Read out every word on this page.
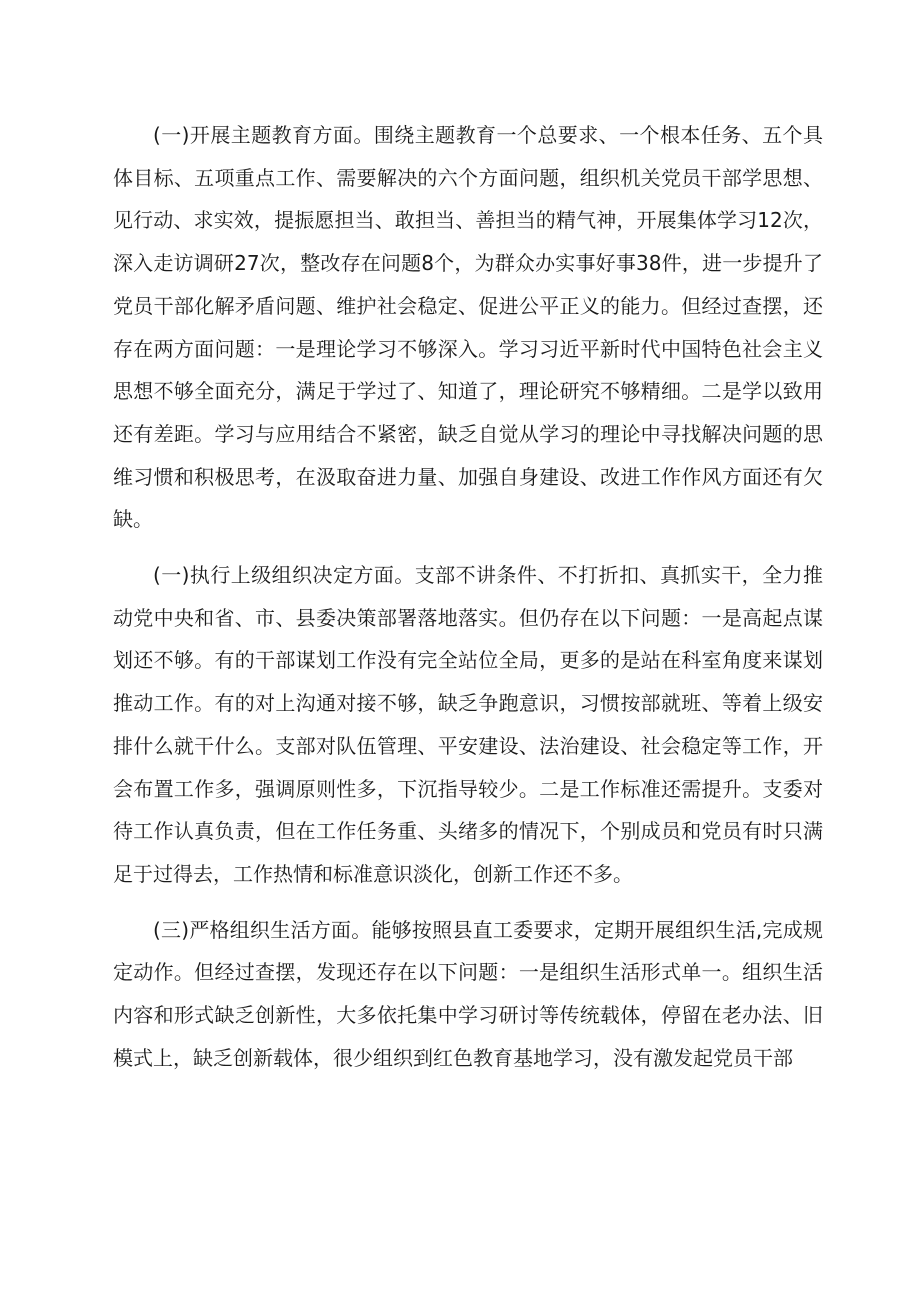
(一)开展主题教育方面。围绕主题教育一个总要求、一个根本任务、五个具体目标、五项重点工作、需要解决的六个方面问题，组织机关党员干部学思想、见行动、求实效，提振愿担当、敢担当、善担当的精气神，开展集体学习12次，深入走访调研27次，整改存在问题8个，为群众办实事好事38件，进一步提升了党员干部化解矛盾问题、维护社会稳定、促进公平正义的能力。但经过查摆，还存在两方面问题：一是理论学习不够深入。学习习近平新时代中国特色社会主义思想不够全面充分，满足于学过了、知道了，理论研究不够精细。二是学以致用还有差距。学习与应用结合不紧密，缺乏自觉从学习的理论中寻找解决问题的思维习惯和积极思考，在汲取奋进力量、加强自身建设、改进工作作风方面还有欠缺。

(一)执行上级组织决定方面。支部不讲条件、不打折扣、真抓实干，全力推动党中央和省、市、县委决策部署落地落实。但仍存在以下问题：一是高起点谋划还不够。有的干部谋划工作没有完全站位全局，更多的是站在科室角度来谋划推动工作。有的对上沟通对接不够，缺乏争跑意识，习惯按部就班、等着上级安排什么就干什么。支部对队伍管理、平安建设、法治建设、社会稳定等工作，开会布置工作多，强调原则性多，下沉指导较少。二是工作标准还需提升。支委对待工作认真负责，但在工作任务重、头绪多的情况下，个别成员和党员有时只满足于过得去，工作热情和标准意识淡化，创新工作还不多。

(三)严格组织生活方面。能够按照县直工委要求，定期开展组织生活,完成规定动作。但经过查摆，发现还存在以下问题：一是组织生活形式单一。组织生活内容和形式缺乏创新性，大多依托集中学习研讨等传统载体，停留在老办法、旧模式上，缺乏创新载体，很少组织到红色教育基地学习，没有激发起党员干部
